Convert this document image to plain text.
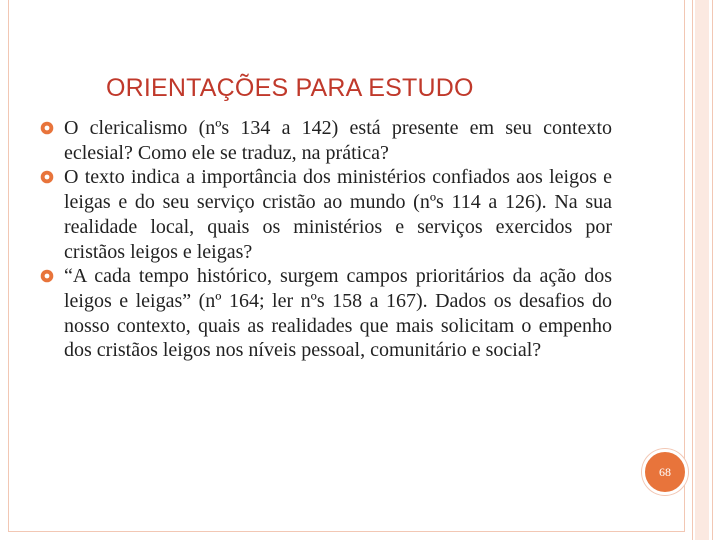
ORIENTAÇÕES PARA ESTUDO
O clericalismo (nºs 134 a 142) está presente em seu contexto eclesial? Como ele se traduz, na prática?
O texto indica a importância dos ministérios confiados aos leigos e leigas e do seu serviço cristão ao mundo (nºs 114 a 126). Na sua realidade local, quais os ministérios e serviços exercidos por cristãos leigos e leigas?
“A cada tempo histórico, surgem campos prioritários da ação dos leigos e leigas” (nº 164; ler nºs 158 a 167). Dados os desafios do nosso contexto, quais as realidades que mais solicitam o empenho dos cristãos leigos nos níveis pessoal, comunitário e social?
68
